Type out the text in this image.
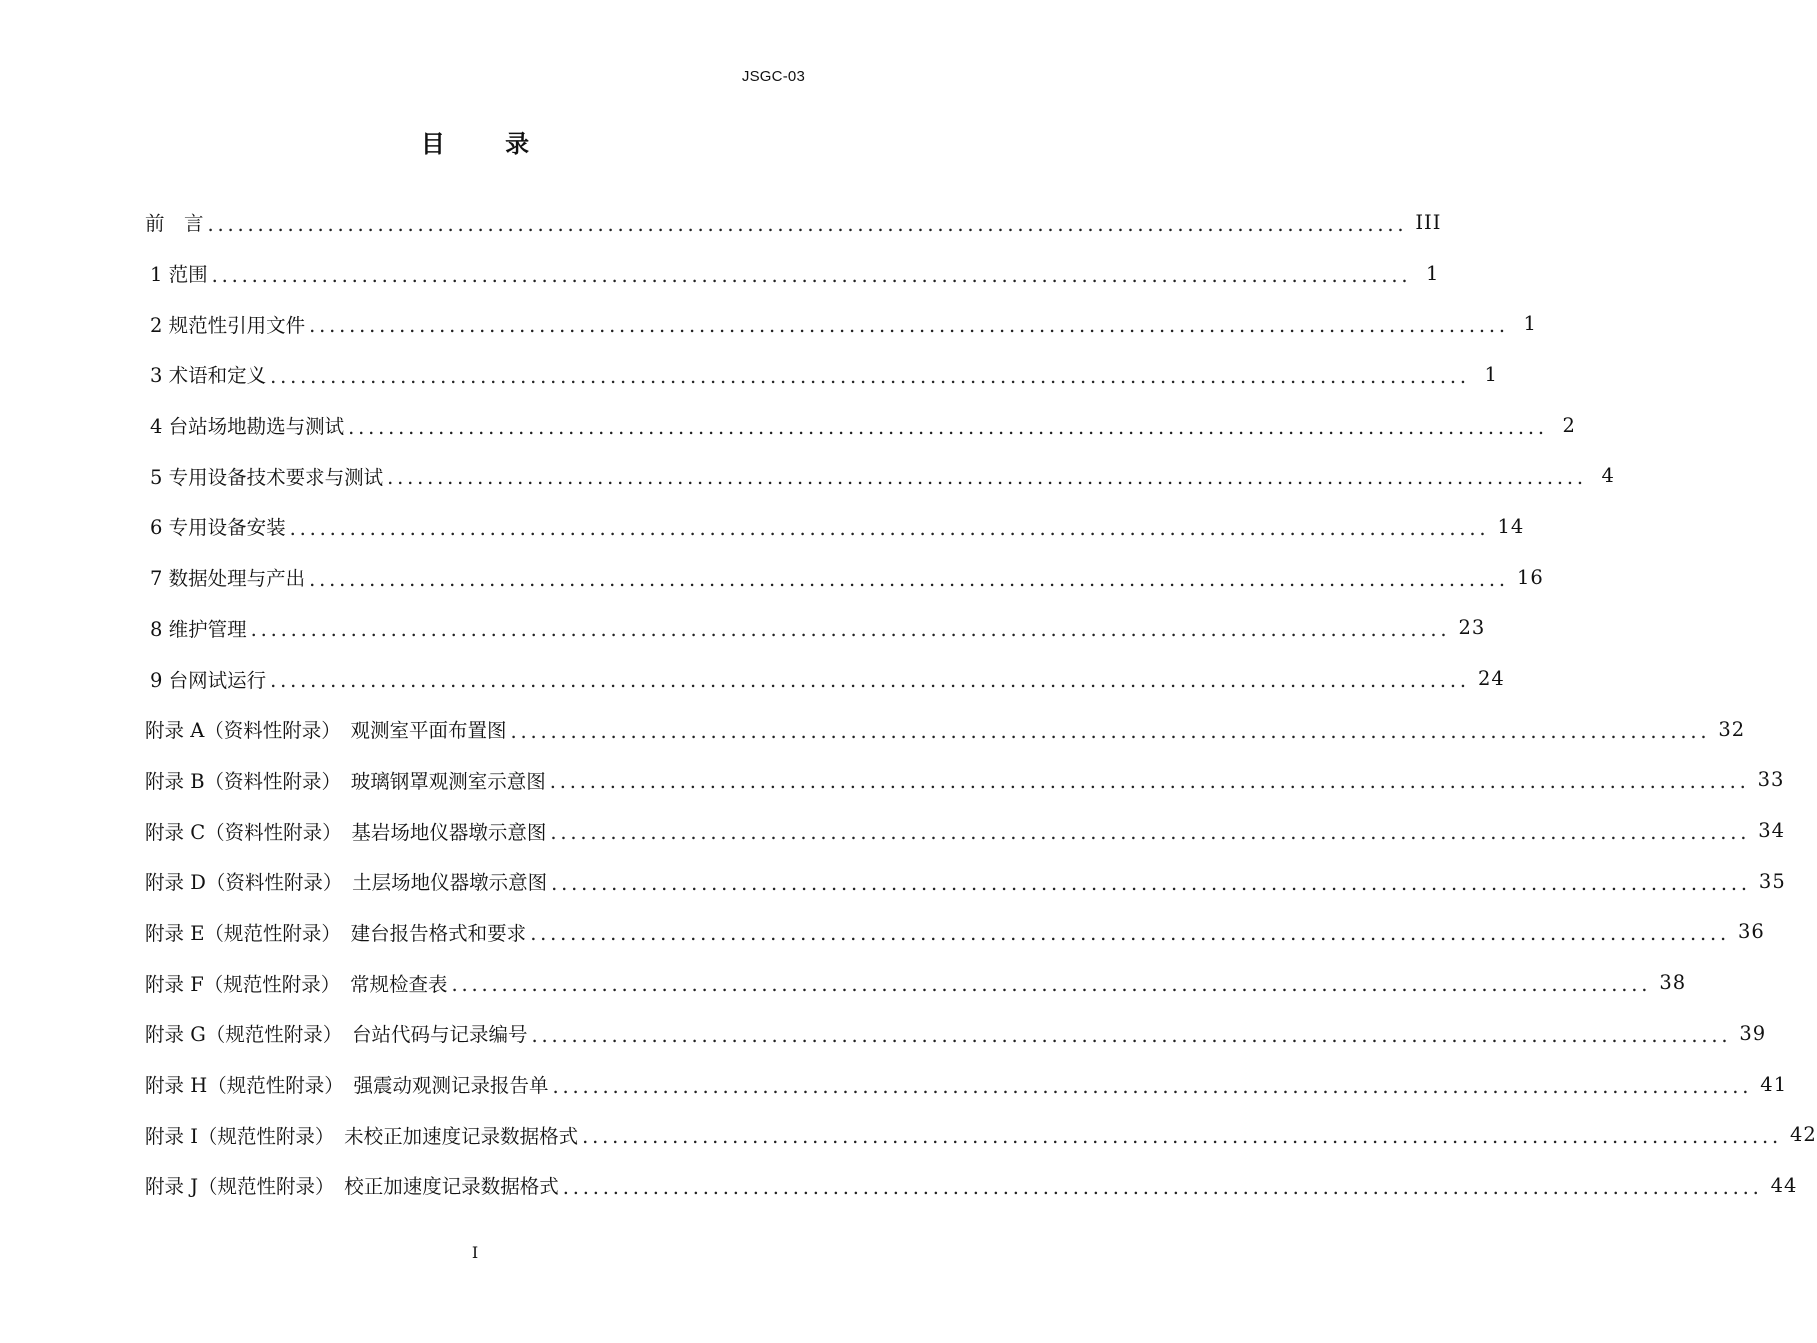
JSGC-03
目 录
前　言 ........................................................................................................................ III
1 范围 ........................................................................................................................ 1
2 规范性引用文件 ........................................................................................................................ 1
3 术语和定义 ........................................................................................................................ 1
4 台站场地勘选与测试 ........................................................................................................................ 2
5 专用设备技术要求与测试 ........................................................................................................................ 4
6 专用设备安装 ........................................................................................................................ 14
7 数据处理与产出 ........................................................................................................................ 16
8 维护管理 ........................................................................................................................ 23
9 台网试运行 ........................................................................................................................ 24
附录 A（资料性附录）　观测室平面布置图 ........................................................................................................................ 32
附录 B（资料性附录）　玻璃钢罩观测室示意图 ........................................................................................................................ 33
附录 C（资料性附录）　基岩场地仪器墩示意图 ........................................................................................................................ 34
附录 D（资料性附录）　土层场地仪器墩示意图 ........................................................................................................................ 35
附录 E（规范性附录）　建台报告格式和要求 ........................................................................................................................ 36
附录 F（规范性附录）　常规检查表 ........................................................................................................................ 38
附录 G（规范性附录）　台站代码与记录编号 ........................................................................................................................ 39
附录 H（规范性附录）　强震动观测记录报告单 ........................................................................................................................ 41
附录 I（规范性附录）　未校正加速度记录数据格式 ........................................................................................................................ 42
附录 J（规范性附录）　校正加速度记录数据格式 ........................................................................................................................ 44
I
